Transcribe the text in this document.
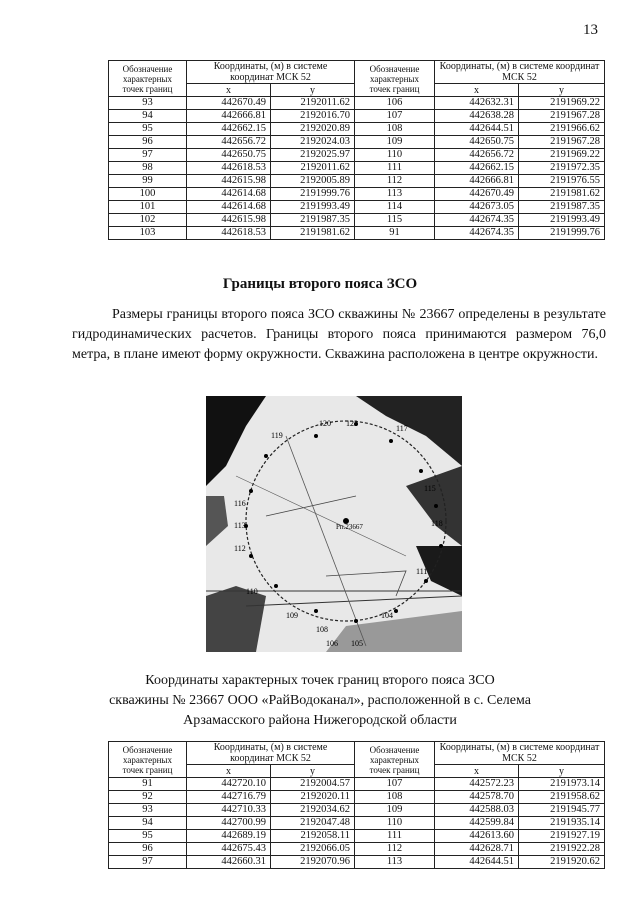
13
Обозначение характерных точек границ	Координаты, (м) в системе координат МСК 52		Обозначение характерных точек границ	Координаты, (м) в системе координат МСК 52	
	x	y		x	y
93	442670.49	2192011.62	106	442632.31	2191969.22
94	442666.81	2192016.70	107	442638.28	2191967.28
95	442662.15	2192020.89	108	442644.51	2191966.62
96	442656.72	2192024.03	109	442650.75	2191967.28
97	442650.75	2192025.97	110	442656.72	2191969.22
98	442618.53	2192011.62	111	442662.15	2191972.35
99	442615.98	2192005.89	112	442666.81	2191976.55
100	442614.68	2191999.76	113	442670.49	2191981.62
101	442614.68	2191993.49	114	442673.05	2191987.35
102	442615.98	2191987.35	115	442674.35	2191993.49
103	442618.53	2191981.62	91	442674.35	2191999.76
Границы второго пояса ЗСО

Размеры границы второго пояса ЗСО скважины № 23667 определены в результате гидродинамических расчетов. Границы второго пояса принимаются размером 76,0 метра, в плане имеют форму окружности. Скважина расположена в центре окружности.

120 123
119
116
113
112
110
109
108
106 105
104
111
118
115
117
Рп.23667
Координаты характерных точек границ второго пояса ЗСО
скважины № 23667 ООО «РайВодоканал», расположенной в с. Селема
Арзамасского района Нижегородской области
Обозначение характерных точек границ	Координаты, (м) в системе координат МСК 52		Обозначение характерных точек границ	Координаты, (м) в системе координат МСК 52	
	x	y		x	y
91	442720.10	2192004.57	107	442572.23	2191973.14
92	442716.79	2192020.11	108	442578.70	2191958.62
93	442710.33	2192034.62	109	442588.03	2191945.77
94	442700.99	2192047.48	110	442599.84	2191935.14
95	442689.19	2192058.11	111	442613.60	2191927.19
96	442675.43	2192066.05	112	442628.71	2191922.28
97	442660.31	2192070.96	113	442644.51	2191920.62
